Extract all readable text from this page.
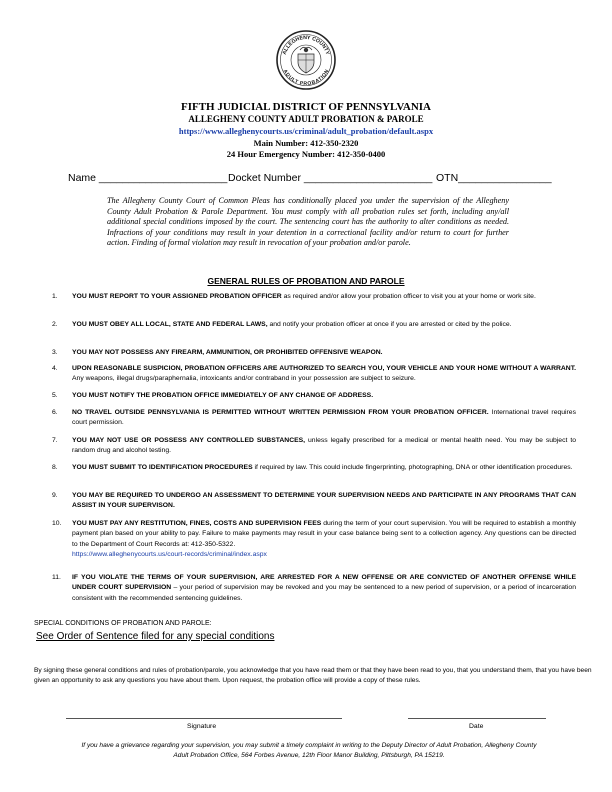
ALLEGHENY COUNTY
ADULT PROBATION
FIFTH JUDICIAL DISTRICT OF PENNSYLVANIA
ALLEGHENY COUNTY ADULT PROBATION & PAROLE
https://www.alleghenycourts.us/criminal/adult_probation/default.aspx
Main Number: 412-350-2320
24 Hour Emergency Number: 412-350-0400
Name ______________________ Docket Number ______________________ OTN________________

The Allegheny County Court of Common Pleas has conditionally placed you under the supervision of the Allegheny County Adult Probation & Parole Department. You must comply with all probation rules set forth, including any/all additional special conditions imposed by the court. The sentencing court has the authority to alter conditions as needed. Infractions of your conditions may result in your detention in a correctional facility and/or return to court for further action. Finding of formal violation may result in revocation of your probation and/or parole.

GENERAL RULES OF PROBATION AND PAROLE
1.	YOU MUST REPORT TO YOUR ASSIGNED PROBATION OFFICER as required and/or allow your probation officer to visit you at your home or work site.
2.	YOU MUST OBEY ALL LOCAL, STATE AND FEDERAL LAWS, and notify your probation officer at once if you are arrested or cited by the police.
3.	YOU MAY NOT POSSESS ANY FIREARM, AMMUNITION, OR PROHIBITED OFFENSIVE WEAPON.
4.	UPON REASONABLE SUSPICION, PROBATION OFFICERS ARE AUTHORIZED TO SEARCH YOU, YOUR VEHICLE AND YOUR HOME WITHOUT A WARRANT. Any weapons, illegal drugs/paraphernalia, intoxicants and/or contraband in your possession are subject to seizure.
5.	YOU MUST NOTIFY THE PROBATION OFFICE IMMEDIATELY OF ANY CHANGE OF ADDRESS.
6.	NO TRAVEL OUTSIDE PENNSYLVANIA IS PERMITTED WITHOUT WRITTEN PERMISSION FROM YOUR PROBATION OFFICER. International travel requires court permission.
7.	YOU MAY NOT USE OR POSSESS ANY CONTROLLED SUBSTANCES, unless legally prescribed for a medical or mental health need. You may be subject to random drug and alcohol testing.
8.	YOU MUST SUBMIT TO IDENTIFICATION PROCEDURES if required by law. This could include fingerprinting, photographing, DNA or other identification procedures.
9.	YOU MAY BE REQUIRED TO UNDERGO AN ASSESSMENT TO DETERMINE YOUR SUPERVISION NEEDS AND PARTICIPATE IN ANY PROGRAMS THAT CAN ASSIST IN YOUR SUPERVISON.
10.	YOU MUST PAY ANY RESTITUTION, FINES, COSTS AND SUPERVISION FEES during the term of your court supervision. You will be required to establish a monthly payment plan based on your ability to pay. Failure to make payments may result in your case balance being sent to a collection agency. Any questions can be directed to the Department of Court Records at: 412-350-5322.
https://www.alleghenycourts.us/court-records/criminal/index.aspx
11.	IF YOU VIOLATE THE TERMS OF YOUR SUPERVISION, ARE ARRESTED FOR A NEW OFFENSE OR ARE CONVICTED OF ANOTHER OFFENSE WHILE UNDER COURT SUPERVISION – your period of supervision may be revoked and you may be sentenced to a new period of supervision, or a period of incarceration consistent with the recommended sentencing guidelines.
SPECIAL CONDITIONS OF PROBATION AND PAROLE:
See Order of Sentence filed for any special conditions

By signing these general conditions and rules of probation/parole, you acknowledge that you have read them or that they have been read to you, that you understand them, that you have been given an opportunity to ask any questions you have about them. Upon request, the probation office will provide a copy of these rules.

Signature	Date

If you have a grievance regarding your supervision, you may submit a timely complaint in writing to the Deputy Director of Adult Probation, Allegheny County Adult Probation Office, 564 Forbes Avenue, 12th Floor Manor Building, Pittsburgh, PA 15219.
